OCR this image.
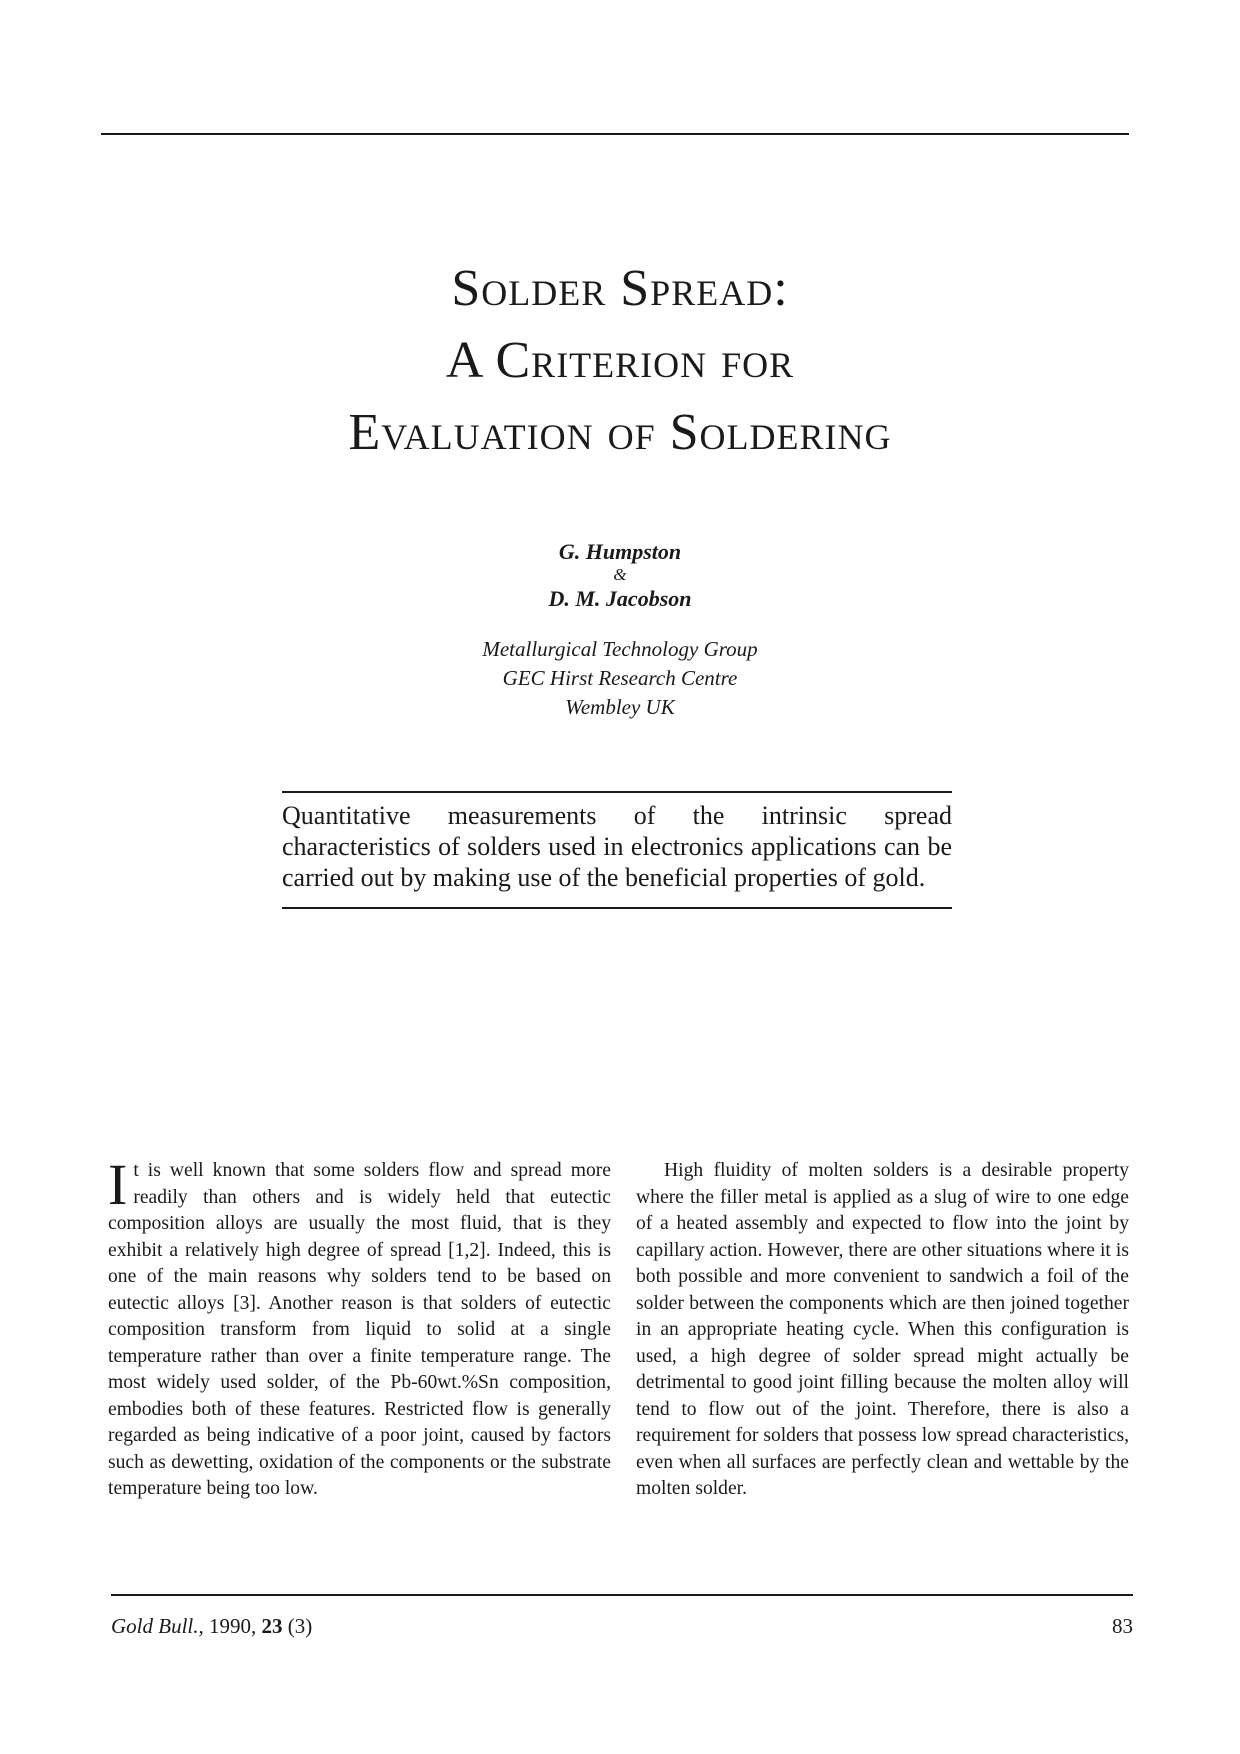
Solder Spread:
A Criterion for
Evaluation of Soldering
G. Humpston
&
D. M. Jacobson
Metallurgical Technology Group
GEC Hirst Research Centre
Wembley UK

Quantitative measurements of the intrinsic spread characteristics of solders used in electronics applications can be carried out by making use of the beneficial properties of gold.

It is well known that some solders flow and spread more readily than others and is widely held that eutectic composition alloys are usually the most fluid, that is they exhibit a relatively high degree of spread [1,2]. Indeed, this is one of the main reasons why solders tend to be based on eutectic alloys [3]. Another reason is that solders of eutectic composition transform from liquid to solid at a single temperature rather than over a finite temperature range. The most widely used solder, of the Pb-60wt.%Sn composition, embodies both of these features. Restricted flow is generally regarded as being indicative of a poor joint, caused by factors such as dewetting, oxidation of the components or the substrate temperature being too low.

High fluidity of molten solders is a desirable property where the filler metal is applied as a slug of wire to one edge of a heated assembly and expected to flow into the joint by capillary action. However, there are other situations where it is both possible and more convenient to sandwich a foil of the solder between the components which are then joined together in an appropriate heating cycle. When this configuration is used, a high degree of solder spread might actually be detrimental to good joint filling because the molten alloy will tend to flow out of the joint. Therefore, there is also a requirement for solders that possess low spread characteristics, even when all surfaces are perfectly clean and wettable by the molten solder.

Gold Bull., 1990, 23 (3)	83
